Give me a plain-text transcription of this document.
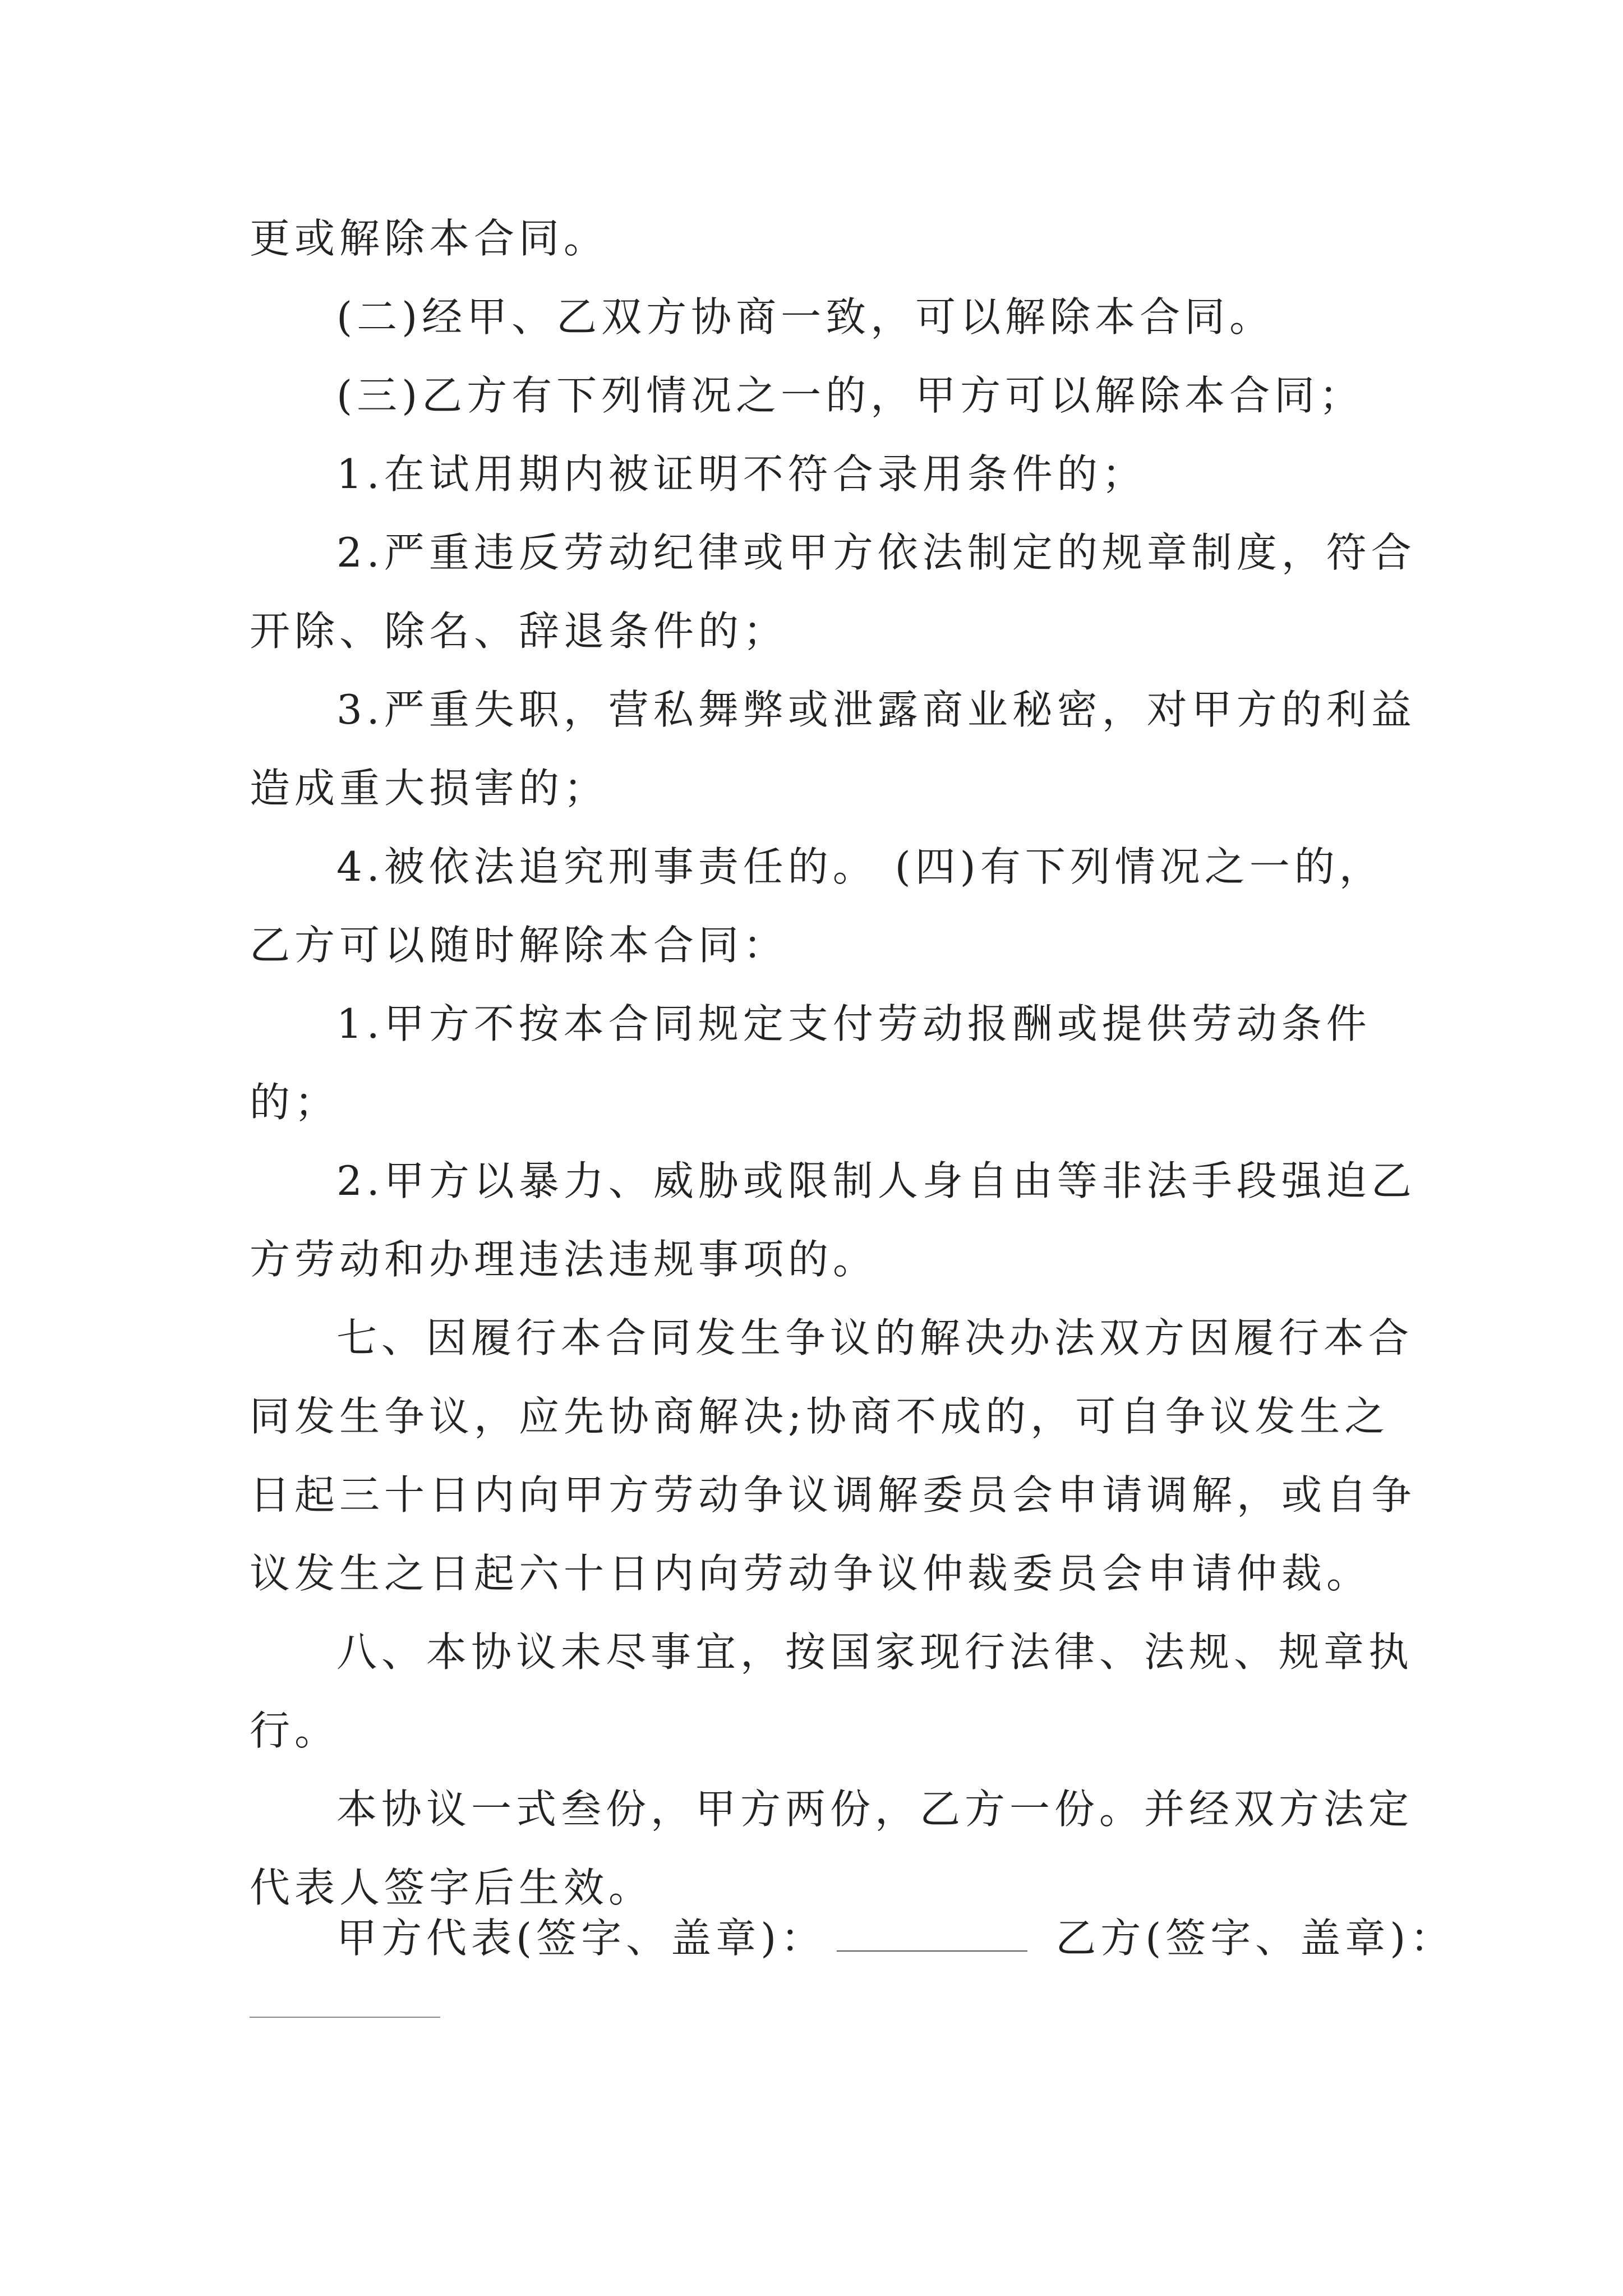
更或解除本合同。
(二)经甲、乙双方协商一致，可以解除本合同。
(三)乙方有下列情况之一的，甲方可以解除本合同；
1.在试用期内被证明不符合录用条件的；
2.严重违反劳动纪律或甲方依法制定的规章制度，符合
开除、除名、辞退条件的；
3.严重失职，营私舞弊或泄露商业秘密，对甲方的利益
造成重大损害的；
4.被依法追究刑事责任的。 (四)有下列情况之一的，
乙方可以随时解除本合同：
1.甲方不按本合同规定支付劳动报酬或提供劳动条件
的；
2.甲方以暴力、威胁或限制人身自由等非法手段强迫乙
方劳动和办理违法违规事项的。
七、因履行本合同发生争议的解决办法双方因履行本合
同发生争议，应先协商解决;协商不成的，可自争议发生之
日起三十日内向甲方劳动争议调解委员会申请调解，或自争
议发生之日起六十日内向劳动争议仲裁委员会申请仲裁。
八、本协议未尽事宜，按国家现行法律、法规、规章执
行。
本协议一式叁份，甲方两份，乙方一份。并经双方法定
代表人签字后生效。
甲方代表(签字、盖章)：	乙方(签字、盖章)：
